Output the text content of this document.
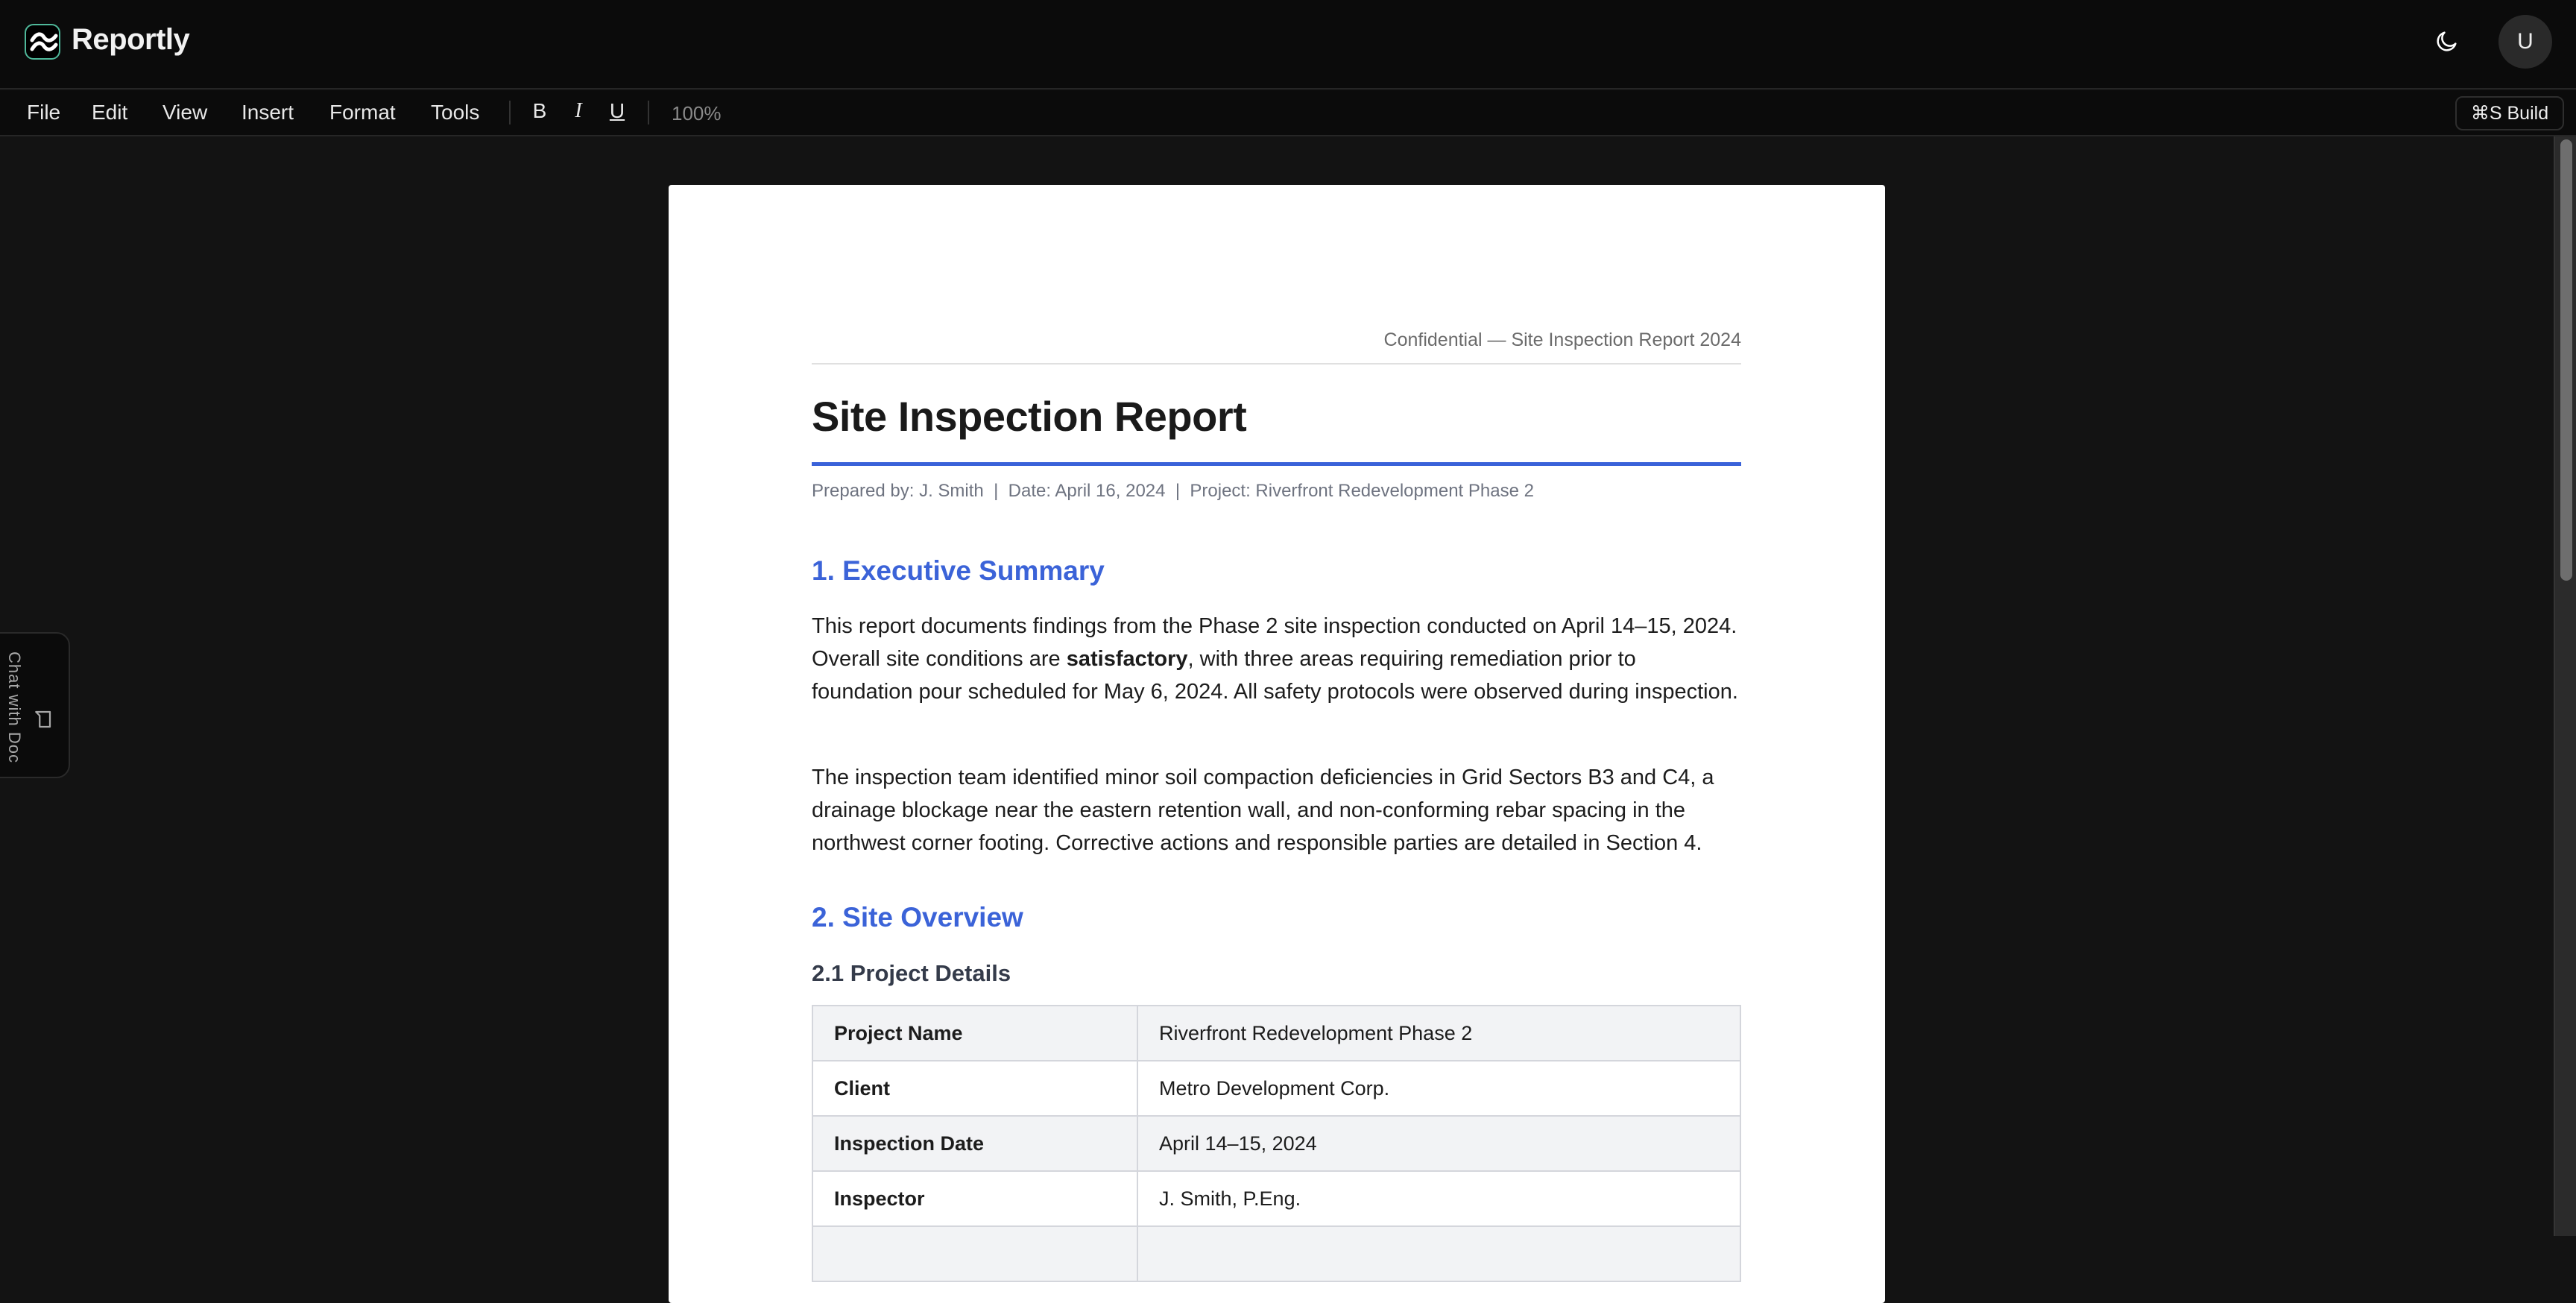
Reportly	U
File Edit View Insert Format Tools	B	I	U 100%	⌘S Build
Chat with Doc
Confidential — Site Inspection Report 2024
Site Inspection Report
Prepared by: J. Smith  |  Date: April 16, 2024  |  Project: Riverfront Redevelopment Phase 2
1. Executive Summary

This report documents findings from the Phase 2 site inspection conducted on April 14–15, 2024. Overall site conditions are satisfactory, with three areas requiring remediation prior to foundation pour scheduled for May 6, 2024. All safety protocols were observed during inspection.

The inspection team identified minor soil compaction deficiencies in Grid Sectors B3 and C4, a drainage blockage near the eastern retention wall, and non-conforming rebar spacing in the northwest corner footing. Corrective actions and responsible parties are detailed in Section 4.

2. Site Overview
2.1 Project Details
Project Name	Riverfront Redevelopment Phase 2
Client	Metro Development Corp.
Inspection Date	April 14–15, 2024
Inspector	J. Smith, P.Eng.
